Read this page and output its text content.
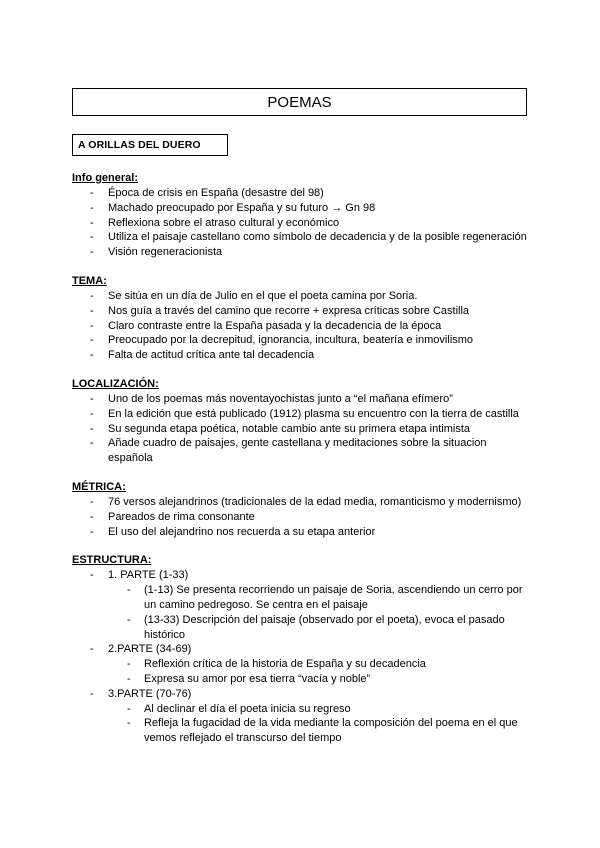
POEMAS
A ORILLAS DEL DUERO

Info general:

- Época de crisis en España (desastre del 98)
- Machado preocupado por España y su futuro → Gn 98
- Reflexiona sobre el atraso cultural y económico
- Utiliza el paisaje castellano como símbolo de decadencia y de la posible regeneración
- Visión regeneracionista

TEMA:

- Se sitúa en un día de Julio en el que el poeta camina por Soria.
- Nos guía a través del camino que recorre + expresa críticas sobre Castilla
- Claro contraste entre la España pasada y la decadencia de la época
- Preocupado por la decrepitud, ignorancia, incultura, beatería e inmovilismo
- Falta de actitud crítica ante tal decadencia

LOCALIZACIÓN:

- Uno de los poemas más noventayochistas junto a “el mañana efímero”
- En la edición que está publicado (1912) plasma su encuentro con la tierra de castilla
- Su segunda etapa poética, notable cambio ante su primera etapa intimista
- Añade cuadro de paisajes, gente castellana y meditaciones sobre la situacion española

MÉTRICA:

- 76 versos alejandrinos (tradicionales de la edad media, romanticismo y modernismo)
- Pareados de rima consonante
- El uso del alejandrino nos recuerda a su etapa anterior

ESTRUCTURA:

- 1. PARTE (1-33)
- (1-13) Se presenta recorriendo un paisaje de Soria, ascendiendo un cerro por un camino pedregoso. Se centra en el paisaje
- (13-33) Descripción del paisaje (observado por el poeta), evoca el pasado histórico
- 2.PARTE (34-69)
- Reflexión crítica de la historia de España y su decadencia
- Expresa su amor por esa tierra “vacía y noble”
- 3.PARTE (70-76)
- Al declinar el día el poeta inicia su regreso
- Refleja la fugacidad de la vida mediante la composición del poema en el que vemos reflejado el transcurso del tiempo
